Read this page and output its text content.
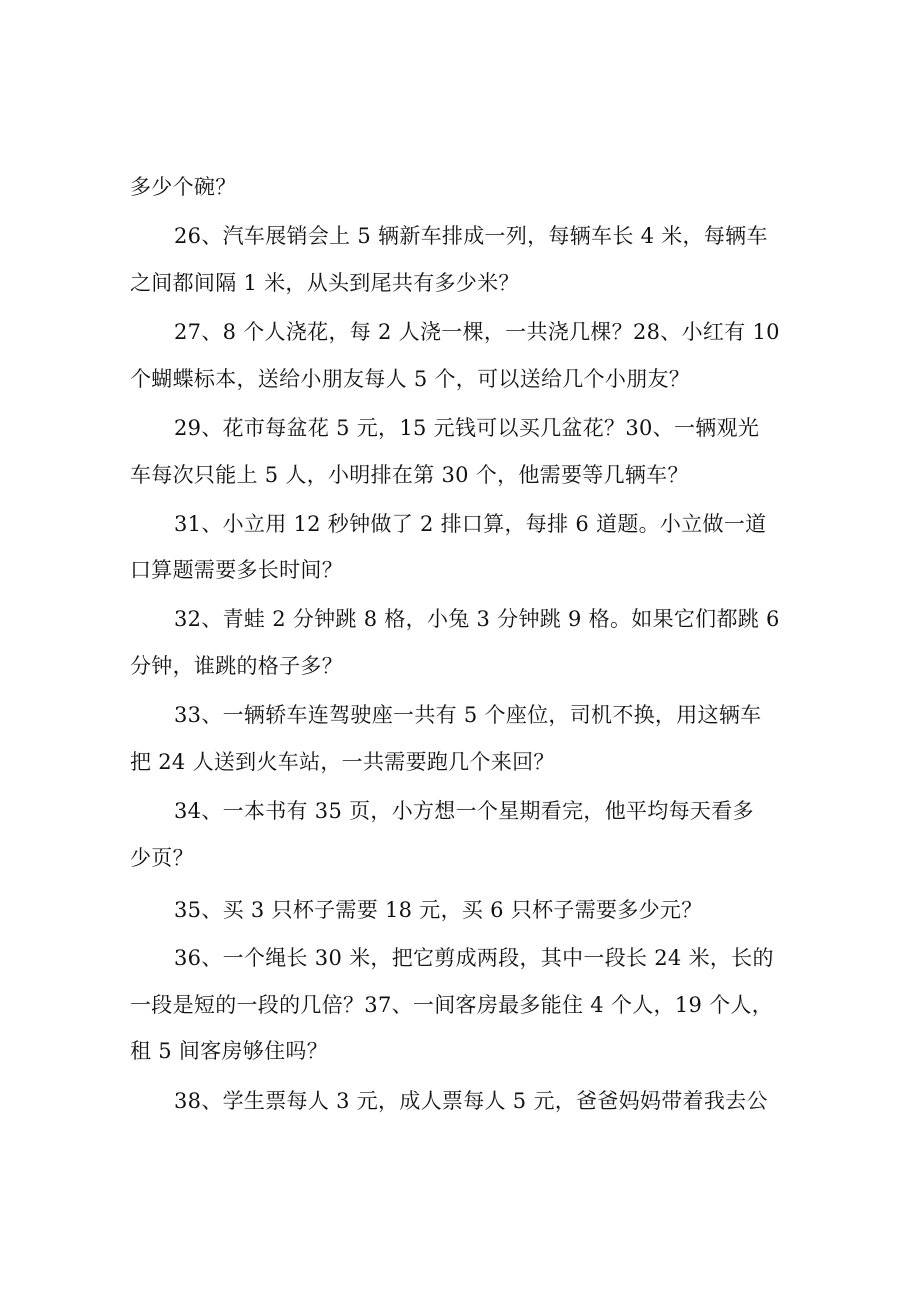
多少个碗？
26、汽车展销会上 5 辆新车排成一列，每辆车长 4 米，每辆车
之间都间隔 1 米，从头到尾共有多少米？
27、8 个人浇花，每 2 人浇一棵，一共浇几棵？28、小红有 10
个蝴蝶标本，送给小朋友每人 5 个，可以送给几个小朋友？
29、花市每盆花 5 元，15 元钱可以买几盆花？30、一辆观光
车每次只能上 5 人，小明排在第 30 个，他需要等几辆车？
31、小立用 12 秒钟做了 2 排口算，每排 6 道题。小立做一道
口算题需要多长时间？
32、青蛙 2 分钟跳 8 格，小兔 3 分钟跳 9 格。如果它们都跳 6
分钟，谁跳的格子多？
33、一辆轿车连驾驶座一共有 5 个座位，司机不换，用这辆车
把 24 人送到火车站，一共需要跑几个来回？
34、一本书有 35 页，小方想一个星期看完，他平均每天看多
少页？
35、买 3 只杯子需要 18 元，买 6 只杯子需要多少元？
36、一个绳长 30 米，把它剪成两段，其中一段长 24 米，长的
一段是短的一段的几倍？37、一间客房最多能住 4 个人，19 个人，
租 5 间客房够住吗？
38、学生票每人 3 元，成人票每人 5 元，爸爸妈妈带着我去公
